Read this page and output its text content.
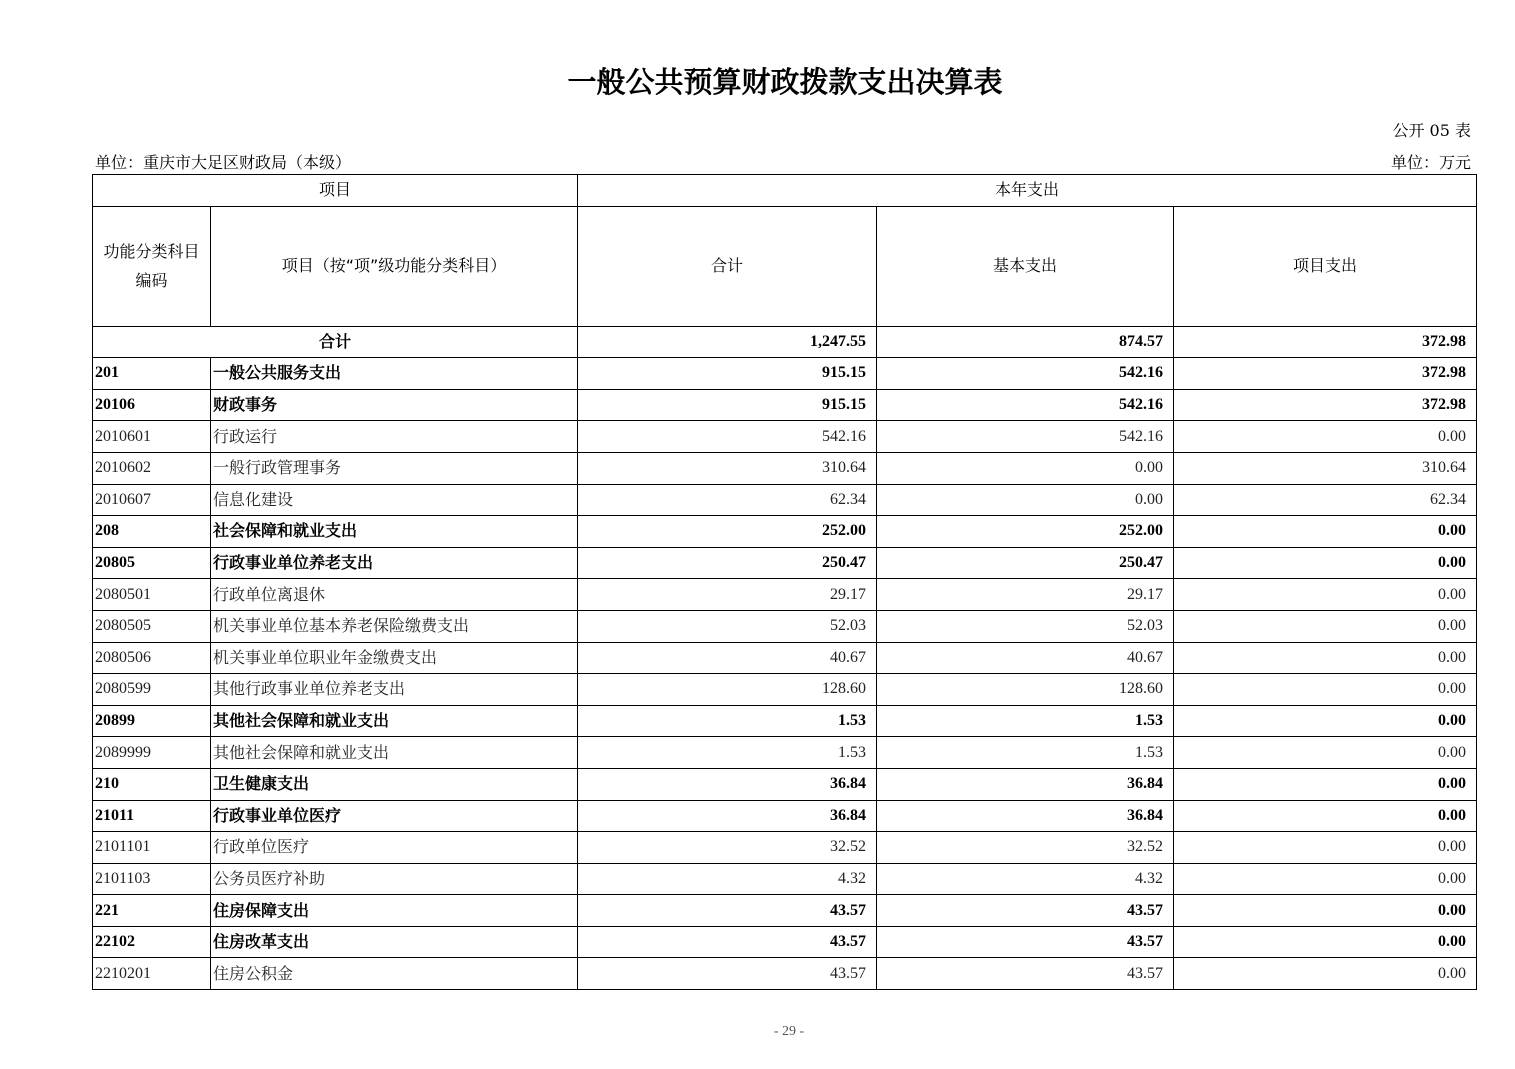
一般公共预算财政拨款支出决算表
公开 05 表
单位：重庆市大足区财政局（本级）	单位：万元
项目		本年支出		
功能分类科目
编码	项目（按“项”级功能分类科目）	合计	基本支出	项目支出
合计		1,247.55	874.57	372.98
201	一般公共服务支出	915.15	542.16	372.98
20106	财政事务	915.15	542.16	372.98
2010601	行政运行	542.16	542.16	0.00
2010602	一般行政管理事务	310.64	0.00	310.64
2010607	信息化建设	62.34	0.00	62.34
208	社会保障和就业支出	252.00	252.00	0.00
20805	行政事业单位养老支出	250.47	250.47	0.00
2080501	行政单位离退休	29.17	29.17	0.00
2080505	机关事业单位基本养老保险缴费支出	52.03	52.03	0.00
2080506	机关事业单位职业年金缴费支出	40.67	40.67	0.00
2080599	其他行政事业单位养老支出	128.60	128.60	0.00
20899	其他社会保障和就业支出	1.53	1.53	0.00
2089999	其他社会保障和就业支出	1.53	1.53	0.00
210	卫生健康支出	36.84	36.84	0.00
21011	行政事业单位医疗	36.84	36.84	0.00
2101101	行政单位医疗	32.52	32.52	0.00
2101103	公务员医疗补助	4.32	4.32	0.00
221	住房保障支出	43.57	43.57	0.00
22102	住房改革支出	43.57	43.57	0.00
2210201	住房公积金	43.57	43.57	0.00
- 29 -
